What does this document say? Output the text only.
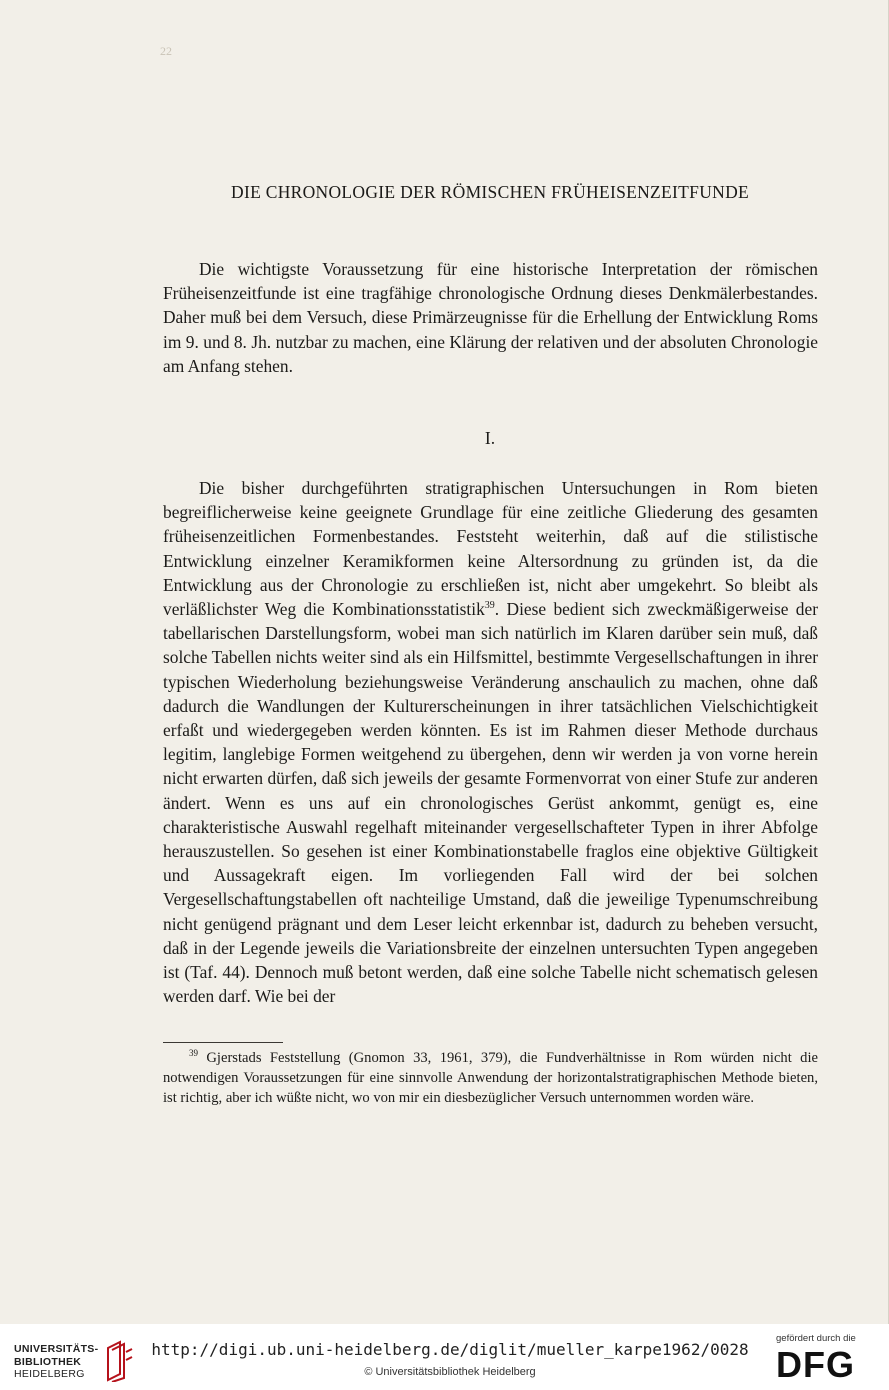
22
DIE CHRONOLOGIE DER RÖMISCHEN FRÜHEISENZEITFUNDE

Die wichtigste Voraussetzung für eine historische Interpretation der römischen Früheisenzeitfunde ist eine tragfähige chronologische Ordnung dieses Denkmälerbestandes. Daher muß bei dem Versuch, diese Primärzeugnisse für die Erhellung der Entwicklung Roms im 9. und 8. Jh. nutzbar zu machen, eine Klärung der relativen und der absoluten Chronologie am Anfang stehen.

I.

Die bisher durchgeführten stratigraphischen Untersuchungen in Rom bieten begreiflicherweise keine geeignete Grundlage für eine zeitliche Gliederung des gesamten früheisenzeitlichen Formenbestandes. Feststeht weiterhin, daß auf die stilistische Entwicklung einzelner Keramikformen keine Altersordnung zu gründen ist, da die Entwicklung aus der Chronologie zu erschließen ist, nicht aber umgekehrt. So bleibt als verläßlichster Weg die Kombinationsstatistik$^{39}$. Diese bedient sich zweckmäßigerweise der tabellarischen Darstellungsform, wobei man sich natürlich im Klaren darüber sein muß, daß solche Tabellen nichts weiter sind als ein Hilfsmittel, bestimmte Vergesellschaftungen in ihrer typischen Wiederholung beziehungsweise Veränderung anschaulich zu machen, ohne daß dadurch die Wandlungen der Kulturerscheinungen in ihrer tatsächlichen Vielschichtigkeit erfaßt und wiedergegeben werden könnten. Es ist im Rahmen dieser Methode durchaus legitim, langlebige Formen weitgehend zu übergehen, denn wir werden ja von vorne herein nicht erwarten dürfen, daß sich jeweils der gesamte Formenvorrat von einer Stufe zur anderen ändert. Wenn es uns auf ein chronologisches Gerüst ankommt, genügt es, eine charakteristische Auswahl regelhaft miteinander vergesellschafteter Typen in ihrer Abfolge herauszustellen. So gesehen ist einer Kombinationstabelle fraglos eine objektive Gültigkeit und Aussagekraft eigen. Im vorliegenden Fall wird der bei solchen Vergesellschaftungstabellen oft nachteilige Umstand, daß die jeweilige Typenumschreibung nicht genügend prägnant und dem Leser leicht erkennbar ist, dadurch zu beheben versucht, daß in der Legende jeweils die Variationsbreite der einzelnen untersuchten Typen angegeben ist (Taf. 44). Dennoch muß betont werden, daß eine solche Tabelle nicht schematisch gelesen werden darf. Wie bei der

$^{39}$ Gjerstads Feststellung (Gnomon 33, 1961, 379), die Fundverhältnisse in Rom würden nicht die notwendigen Voraussetzungen für eine sinnvolle Anwendung der horizontalstratigraphischen Methode bieten, ist richtig, aber ich wüßte nicht, wo von mir ein diesbezüglicher Versuch unternommen worden wäre.

UNIVERSITÄTS-
BIBLIOTHEK
HEIDELBERG
http://digi.ub.uni-heidelberg.de/diglit/mueller_karpe1962/0028
© Universitätsbibliothek Heidelberg
gefördert durch die
DFG
